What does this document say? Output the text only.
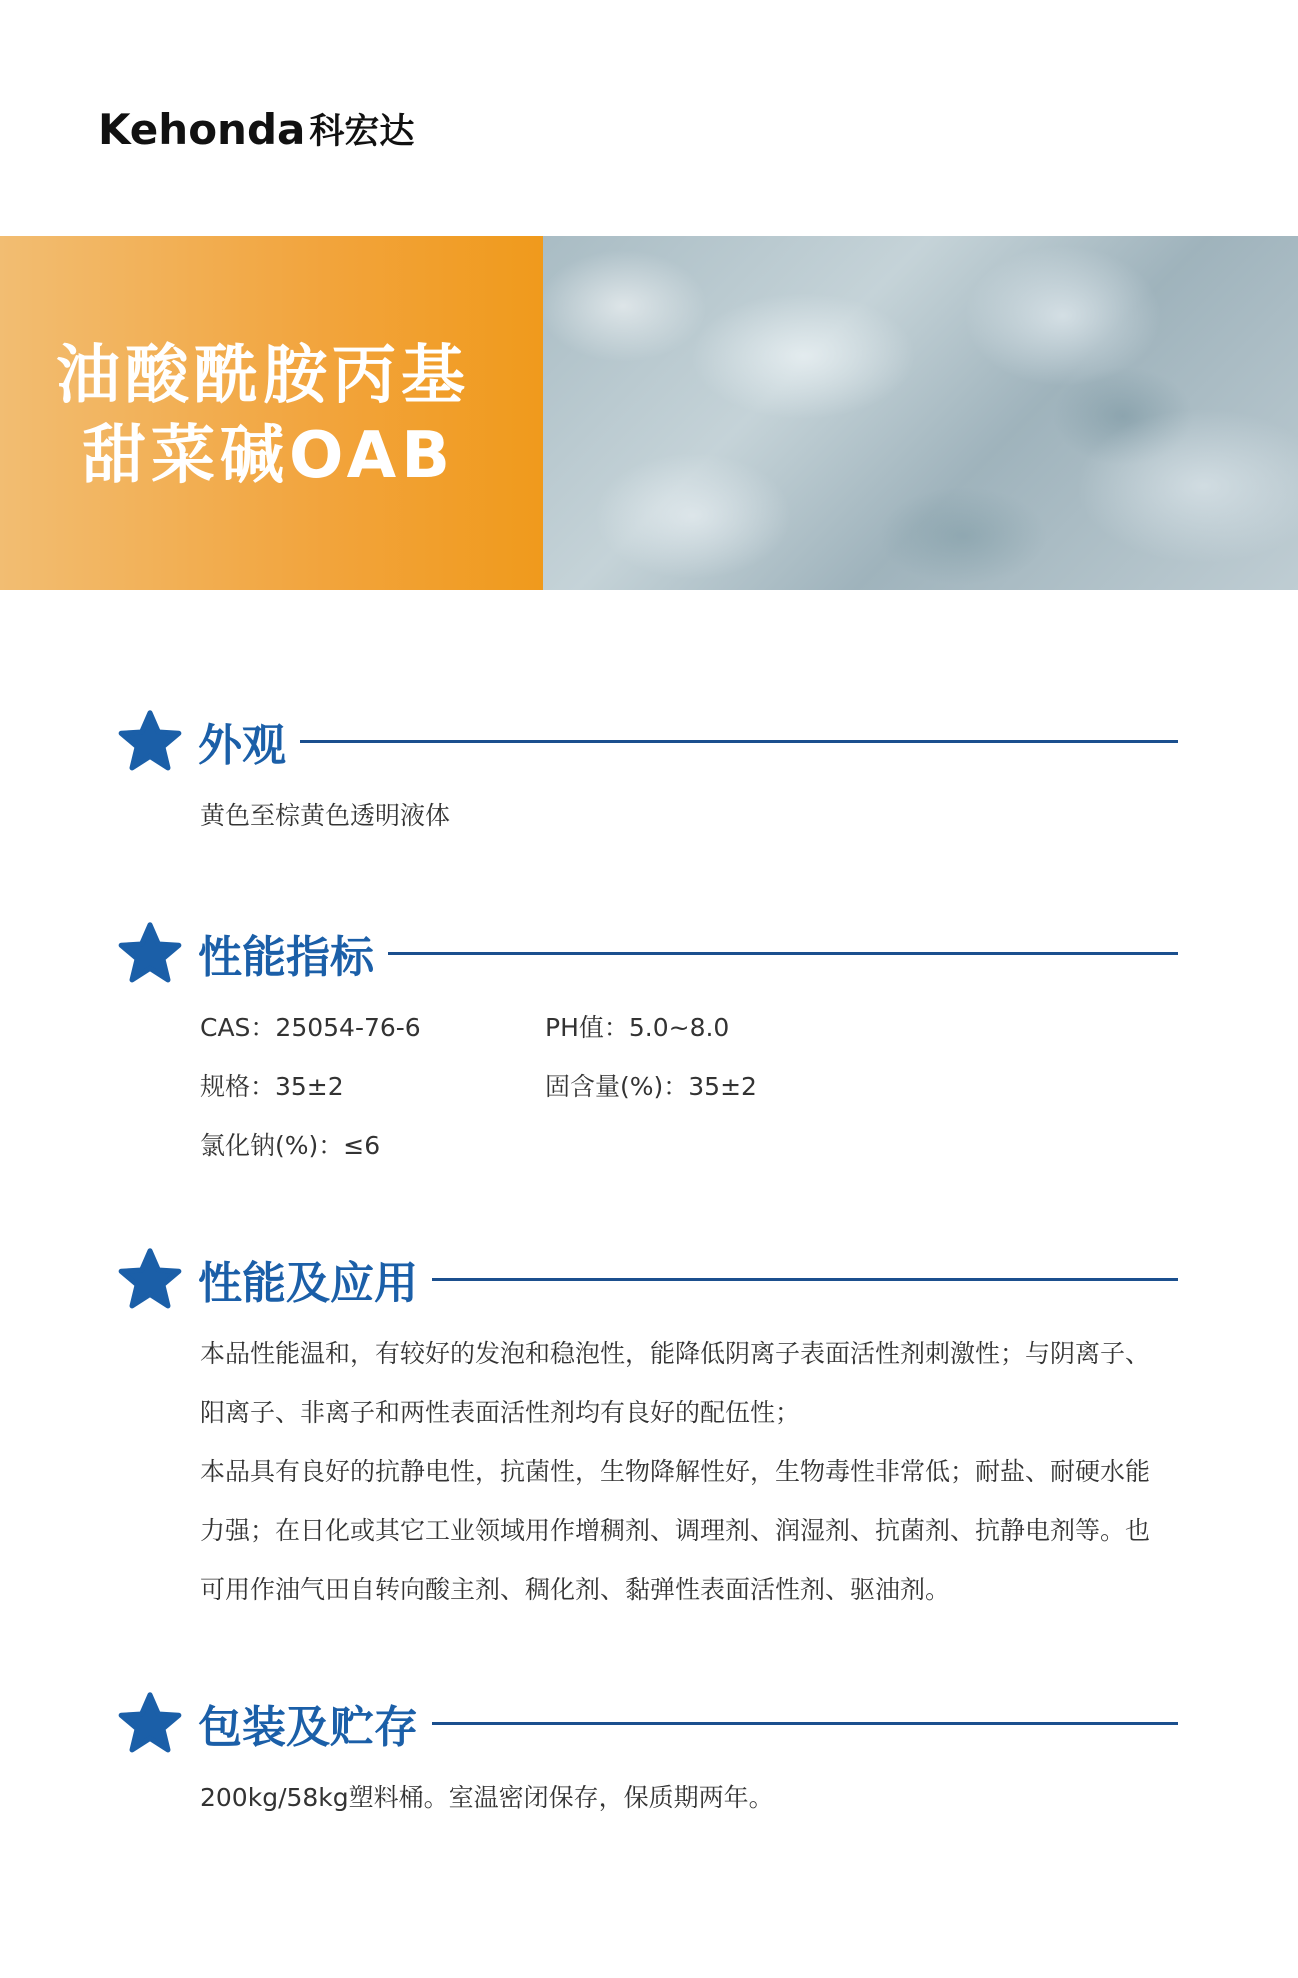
Kehonda 科宏达
油酸酰胺丙基
甜菜碱OAB
外观
黄色至棕黄色透明液体
性能指标
CAS：25054-76-6	PH值：5.0~8.0
规格：35±2	固含量(%)：35±2
氯化钠(%)：≤6
性能及应用
本品性能温和，有较好的发泡和稳泡性，能降低阴离子表面活性剂刺激性；与阴离子、
阳离子、非离子和两性表面活性剂均有良好的配伍性；
本品具有良好的抗静电性，抗菌性，生物降解性好，生物毒性非常低；耐盐、耐硬水能
力强；在日化或其它工业领域用作增稠剂、调理剂、润湿剂、抗菌剂、抗静电剂等。也
可用作油气田自转向酸主剂、稠化剂、黏弹性表面活性剂、驱油剂。
包装及贮存
200kg/58kg塑料桶。室温密闭保存，保质期两年。
